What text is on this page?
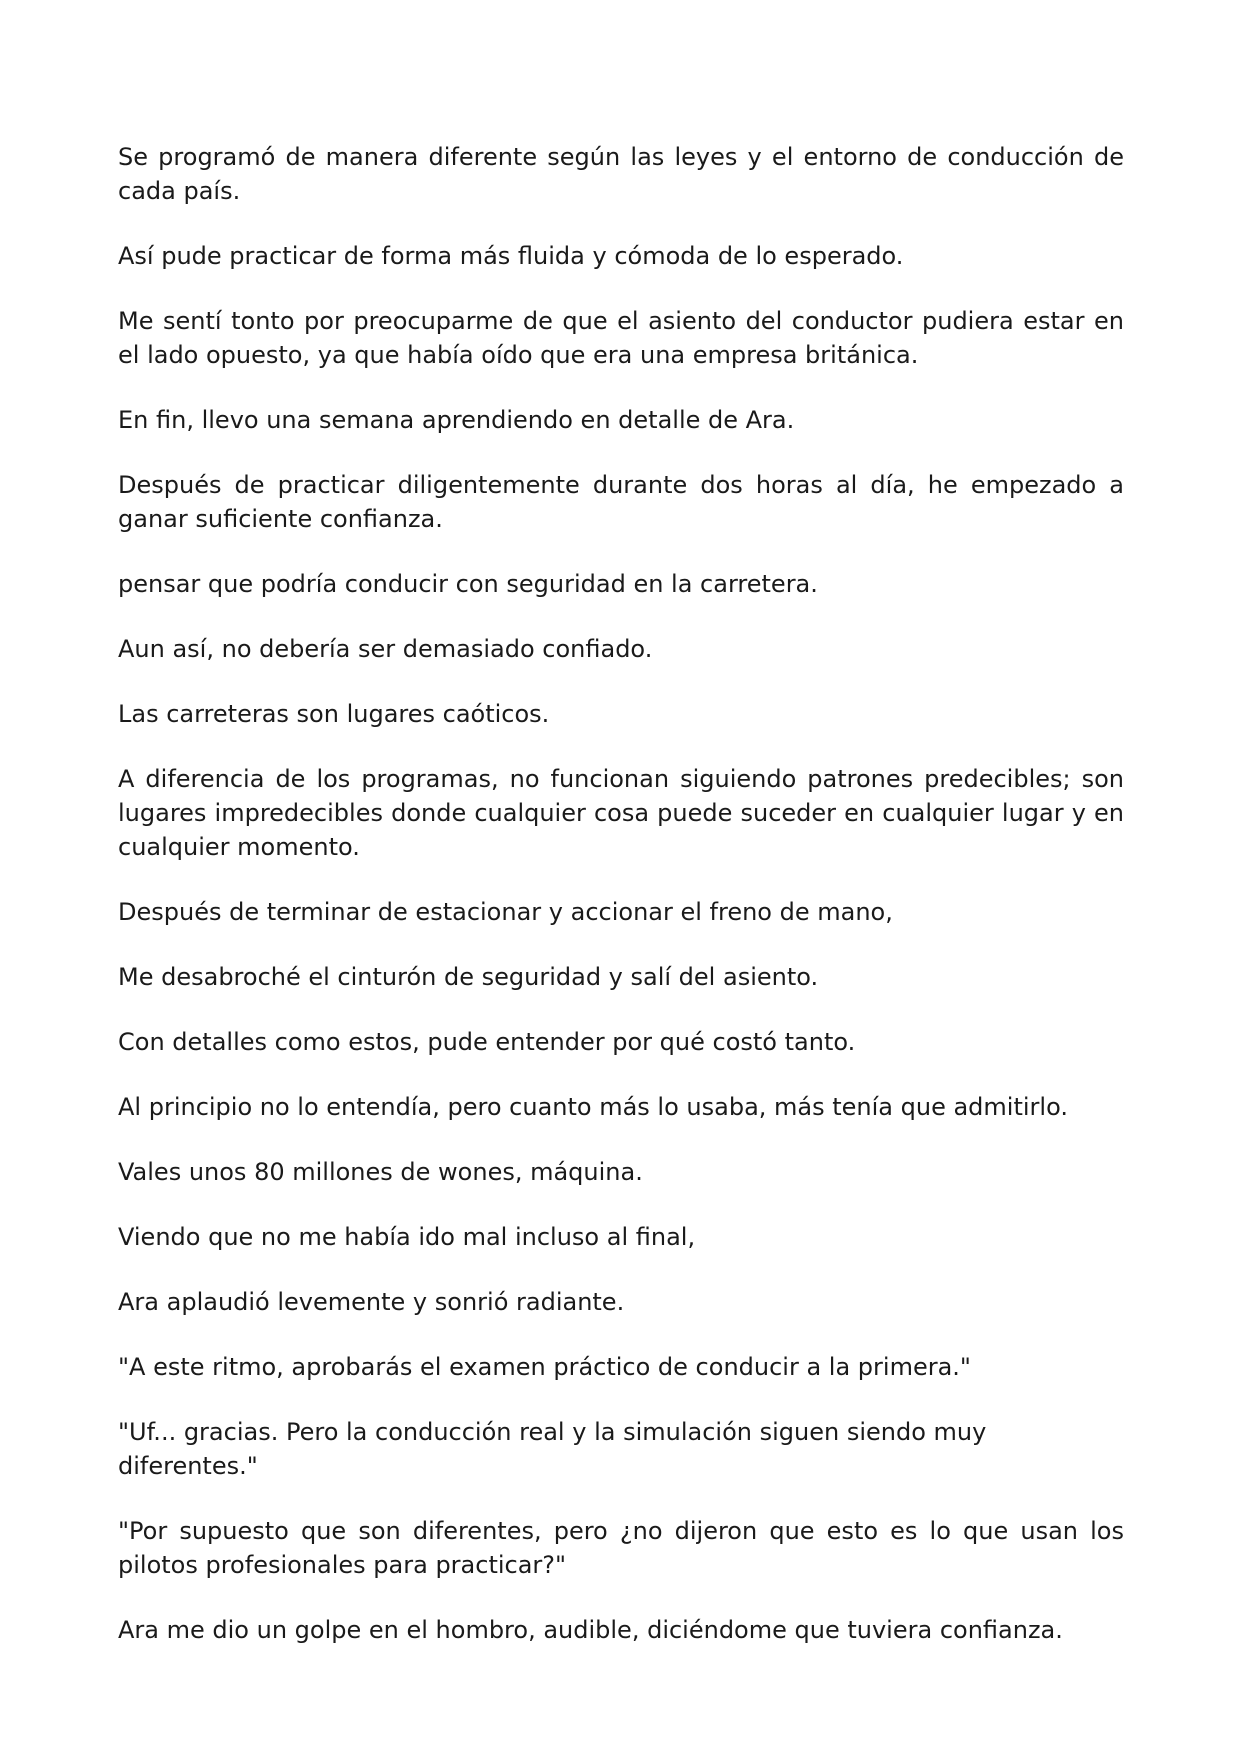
Se programó de manera diferente según las leyes y el entorno de conducción de cada país.

Así pude practicar de forma más fluida y cómoda de lo esperado.

Me sentí tonto por preocuparme de que el asiento del conductor pudiera estar en el lado opuesto, ya que había oído que era una empresa británica.

En fin, llevo una semana aprendiendo en detalle de Ara.

Después de practicar diligentemente durante dos horas al día, he empezado a ganar suficiente confianza.

pensar que podría conducir con seguridad en la carretera.

Aun así, no debería ser demasiado confiado.

Las carreteras son lugares caóticos.

A diferencia de los programas, no funcionan siguiendo patrones predecibles; son lugares impredecibles donde cualquier cosa puede suceder en cualquier lugar y en cualquier momento.

Después de terminar de estacionar y accionar el freno de mano,

Me desabroché el cinturón de seguridad y salí del asiento.

Con detalles como estos, pude entender por qué costó tanto.

Al principio no lo entendía, pero cuanto más lo usaba, más tenía que admitirlo.

Vales unos 80 millones de wones, máquina.

Viendo que no me había ido mal incluso al final,

Ara aplaudió levemente y sonrió radiante.

"A este ritmo, aprobarás el examen práctico de conducir a la primera."

"Uf... gracias. Pero la conducción real y la simulación siguen siendo muy diferentes."

"Por supuesto que son diferentes, pero ¿no dijeron que esto es lo que usan los pilotos profesionales para practicar?"

Ara me dio un golpe en el hombro, audible, diciéndome que tuviera confianza.
